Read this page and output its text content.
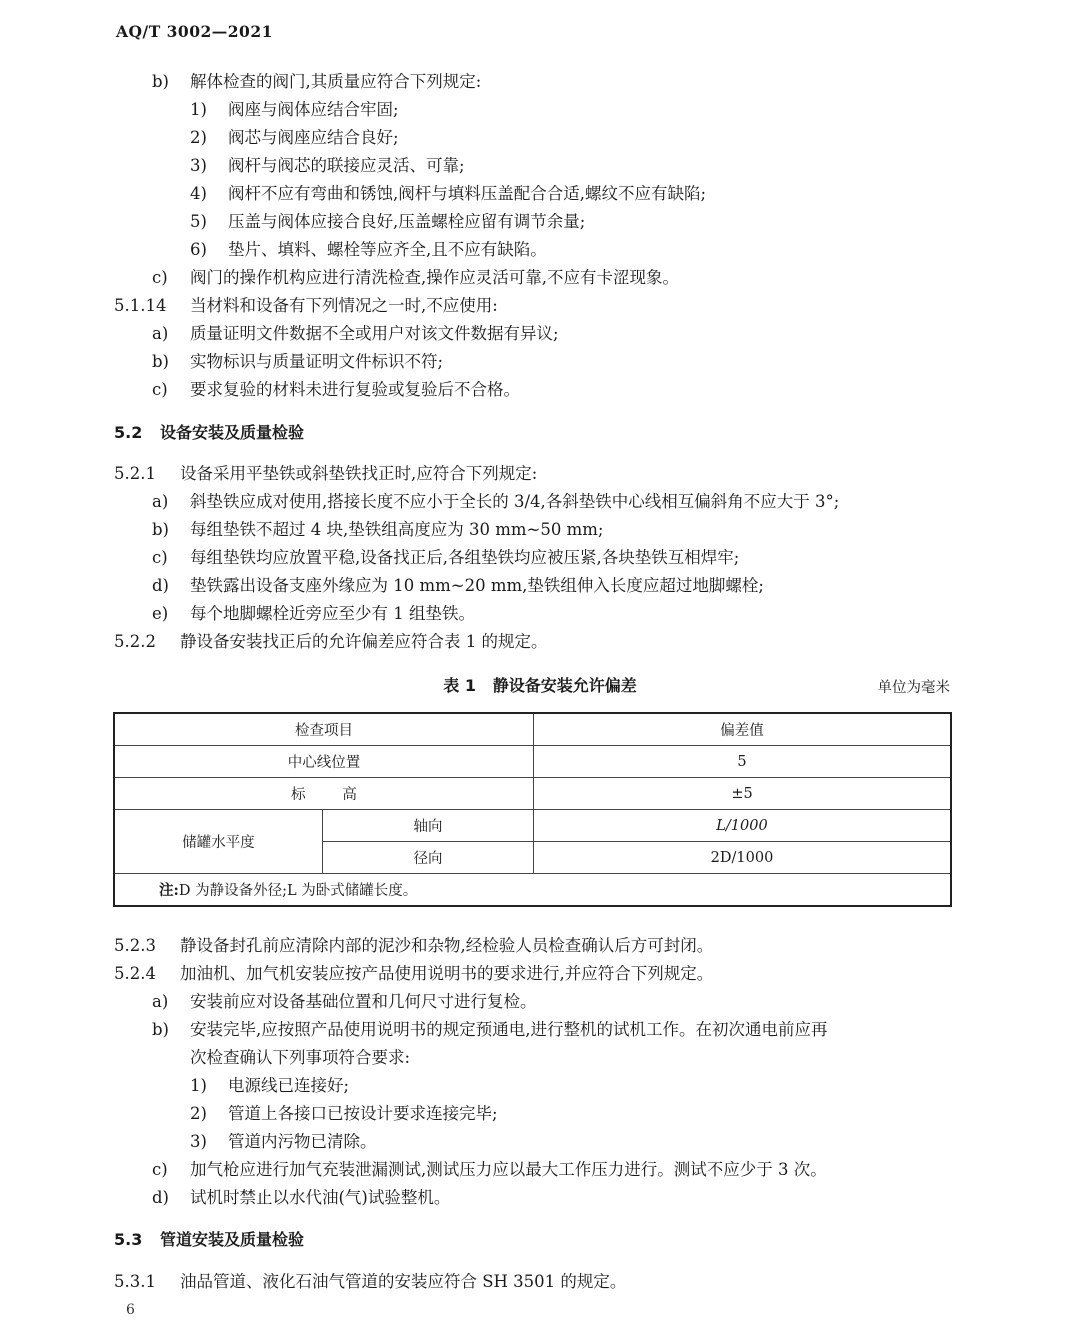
AQ/T 3002—2021
b) 解体检查的阀门,其质量应符合下列规定:
1) 阀座与阀体应结合牢固;
2) 阀芯与阀座应结合良好;
3) 阀杆与阀芯的联接应灵活、可靠;
4) 阀杆不应有弯曲和锈蚀,阀杆与填料压盖配合合适,螺纹不应有缺陷;
5) 压盖与阀体应接合良好,压盖螺栓应留有调节余量;
6) 垫片、填料、螺栓等应齐全,且不应有缺陷。
c) 阀门的操作机构应进行清洗检查,操作应灵活可靠,不应有卡涩现象。
5.1.14 当材料和设备有下列情况之一时,不应使用:
a) 质量证明文件数据不全或用户对该文件数据有异议;
b) 实物标识与质量证明文件标识不符;
c) 要求复验的材料未进行复验或复验后不合格。
5.2 设备安装及质量检验
5.2.1 设备采用平垫铁或斜垫铁找正时,应符合下列规定:
a) 斜垫铁应成对使用,搭接长度不应小于全长的 3/4,各斜垫铁中心线相互偏斜角不应大于 3°;
b) 每组垫铁不超过 4 块,垫铁组高度应为 30 mm~50 mm;
c) 每组垫铁均应放置平稳,设备找正后,各组垫铁均应被压紧,各块垫铁互相焊牢;
d) 垫铁露出设备支座外缘应为 10 mm~20 mm,垫铁组伸入长度应超过地脚螺栓;
e) 每个地脚螺栓近旁应至少有 1 组垫铁。
5.2.2 静设备安装找正后的允许偏差应符合表 1 的规定。
表 1   静设备安装允许偏差	单位为毫米
检查项目		偏差值
中心线位置		5
标        高		±5
储罐水平度	轴向	L/1000
	径向	2D/1000
注:D 为静设备外径;L 为卧式储罐长度。		
5.2.3 静设备封孔前应清除内部的泥沙和杂物,经检验人员检查确认后方可封闭。
5.2.4 加油机、加气机安装应按产品使用说明书的要求进行,并应符合下列规定。
a) 安装前应对设备基础位置和几何尺寸进行复检。
b) 安装完毕,应按照产品使用说明书的规定预通电,进行整机的试机工作。在初次通电前应再
次检查确认下列事项符合要求:
1) 电源线已连接好;
2) 管道上各接口已按设计要求连接完毕;
3) 管道内污物已清除。
c) 加气枪应进行加气充装泄漏测试,测试压力应以最大工作压力进行。测试不应少于 3 次。
d) 试机时禁止以水代油(气)试验整机。
5.3 管道安装及质量检验
5.3.1 油品管道、液化石油气管道的安装应符合 SH 3501 的规定。
6
